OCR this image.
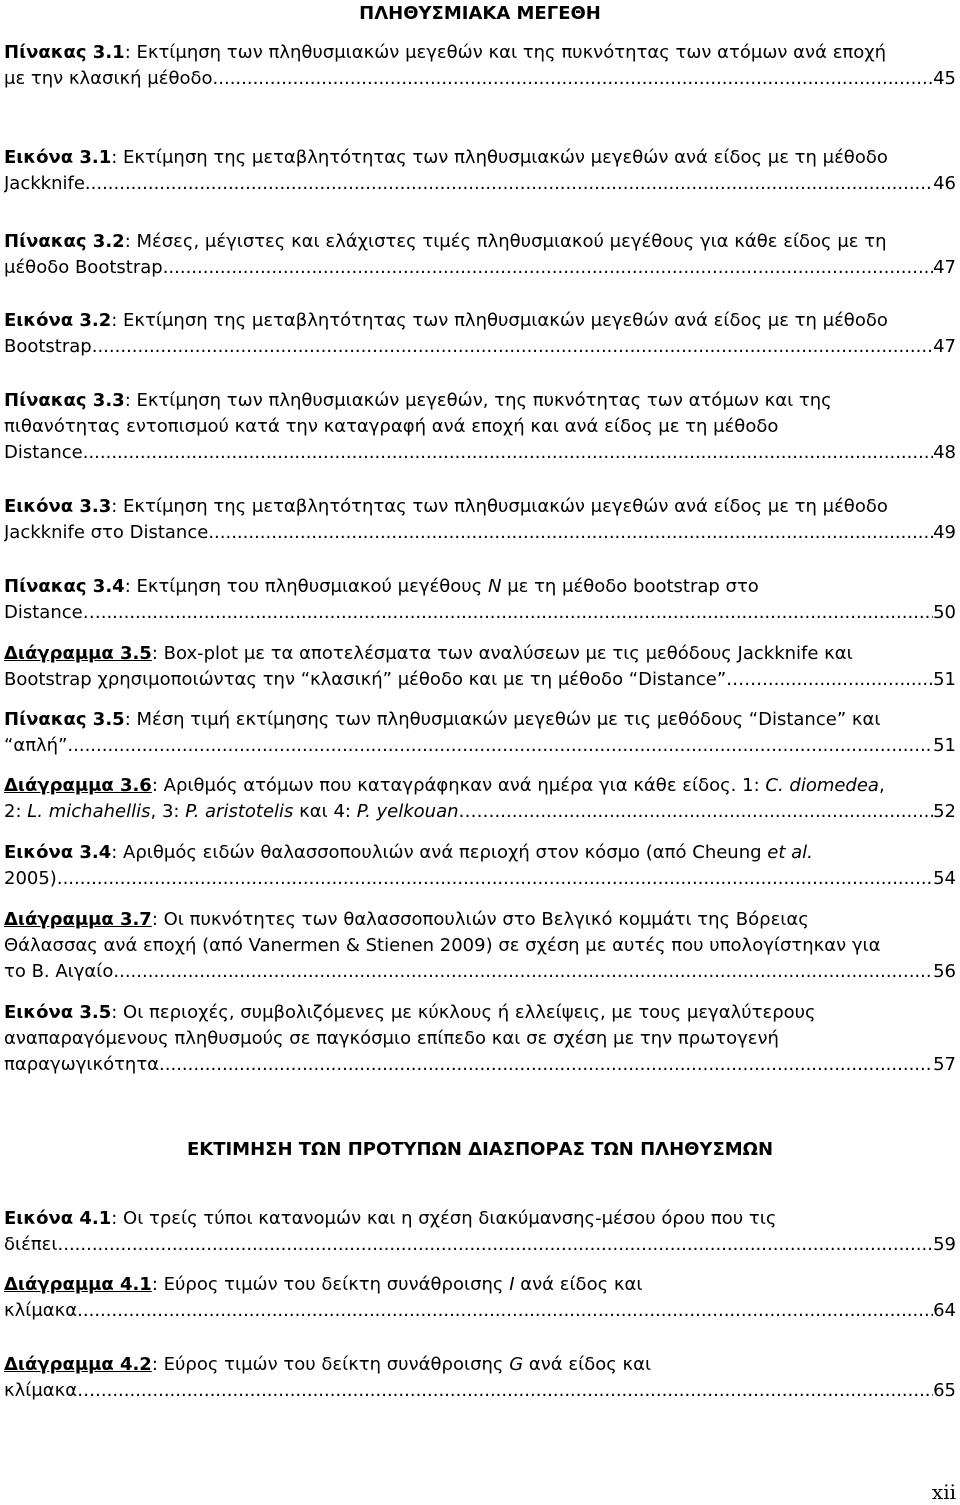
ΠΛΗΘΥΣΜΙΑΚΑ ΜΕΓΕΘΗ
Πίνακας 3.1: Εκτίμηση των πληθυσμιακών μεγεθών και της πυκνότητας των ατόμων ανά εποχή
με την κλασική μέθοδο .....	45
Εικόνα 3.1: Εκτίμηση της μεταβλητότητας των πληθυσμιακών μεγεθών ανά είδος με τη μέθοδο
Jackknife .....	46
Πίνακας 3.2: Μέσες, μέγιστες και ελάχιστες τιμές πληθυσμιακού μεγέθους για κάθε είδος με τη
μέθοδο Bootstrap .....	47
Εικόνα 3.2: Εκτίμηση της μεταβλητότητας των πληθυσμιακών μεγεθών ανά είδος με τη μέθοδο
Bootstrap .....	47
Πίνακας 3.3: Εκτίμηση των πληθυσμιακών μεγεθών, της πυκνότητας των ατόμων και της
πιθανότητας εντοπισμού κατά την καταγραφή ανά εποχή και ανά είδος με τη μέθοδο
Distance .....	48
Εικόνα 3.3: Εκτίμηση της μεταβλητότητας των πληθυσμιακών μεγεθών ανά είδος με τη μέθοδο
Jackknife στο Distance .....	49
Πίνακας 3.4: Εκτίμηση του πληθυσμιακού μεγέθους N με τη μέθοδο bootstrap στο
Distance… .....	50
Διάγραμμα 3.5: Box-plot με τα αποτελέσματα των αναλύσεων με τις μεθόδους Jackknife και
Bootstrap χρησιμοποιώντας την “κλασική” μέθοδο και με τη μέθοδο “Distance”…… .....	51
Πίνακας 3.5: Μέση τιμή εκτίμησης των πληθυσμιακών μεγεθών με τις μεθόδους “Distance” και
“απλή” .....	51
Διάγραμμα 3.6: Αριθμός ατόμων που καταγράφηκαν ανά ημέρα για κάθε είδος. 1: C. diomedea,
2: L. michahellis, 3: P. aristotelis και 4: P. yelkouan…… .....	52
Εικόνα 3.4: Αριθμός ειδών θαλασσοπουλιών ανά περιοχή στον κόσμο (από Cheung et al.
2005) .....	54
Διάγραμμα 3.7: Οι πυκνότητες των θαλασσοπουλιών στο Βελγικό κομμάτι της Βόρειας
Θάλασσας ανά εποχή (από Vanermen & Stienen 2009) σε σχέση με αυτές που υπολογίστηκαν για
το Β. Αιγαίο .....	56
Εικόνα 3.5: Οι περιοχές, συμβολιζόμενες με κύκλους ή ελλείψεις, με τους μεγαλύτερους
αναπαραγόμενους πληθυσμούς σε παγκόσμιο επίπεδο και σε σχέση με την πρωτογενή
παραγωγικότητα .....	57
ΕΚΤΙΜΗΣΗ ΤΩΝ ΠΡΟΤΥΠΩΝ ΔΙΑΣΠΟΡΑΣ ΤΩΝ ΠΛΗΘΥΣΜΩΝ
Εικόνα 4.1: Οι τρείς τύποι κατανομών και η σχέση διακύμανσης-μέσου όρου που τις
διέπει .....	59
Διάγραμμα 4.1: Εύρος τιμών του δείκτη συνάθροισης I ανά είδος και
κλίμακα .....	64
Διάγραμμα 4.2: Εύρος τιμών του δείκτη συνάθροισης G ανά είδος και
κλίμακα… .....	65
xii
